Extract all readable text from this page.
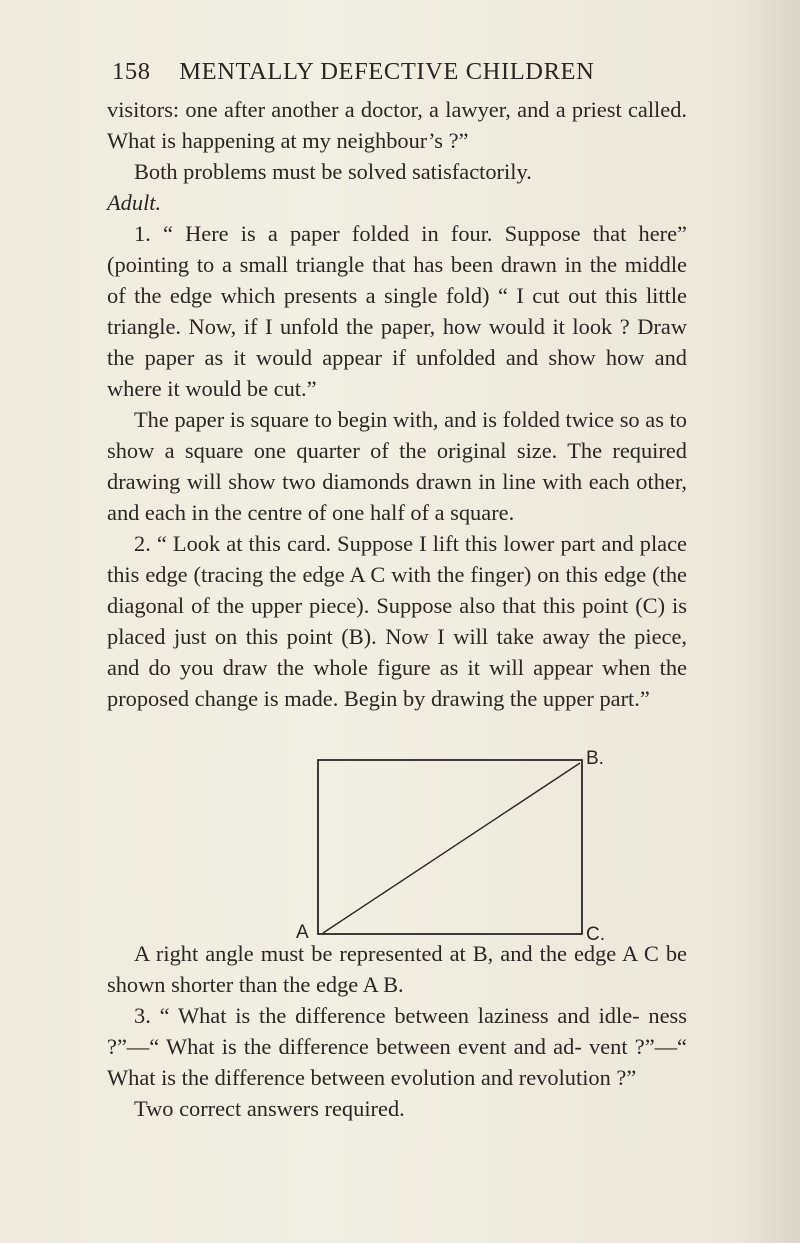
158 MENTALLY DEFECTIVE CHILDREN

visitors: one after another a doctor, a lawyer, and a priest called. What is happening at my neighbour’s ?”

Both problems must be solved satisfactorily.

Adult.

1. “ Here is a paper folded in four. Suppose that here” (pointing to a small triangle that has been drawn in the middle of the edge which presents a single fold) “ I cut out this little triangle. Now, if I unfold the paper, how would it look ? Draw the paper as it would appear if unfolded and show how and where it would be cut.”

The paper is square to begin with, and is folded twice so as to show a square one quarter of the original size. The required drawing will show two diamonds drawn in line with each other, and each in the centre of one half of a square.

2. “ Look at this card. Suppose I lift this lower part and place this edge (tracing the edge A C with the finger) on this edge (the diagonal of the upper piece). Suppose also that this point (C) is placed just on this point (B). Now I will take away the piece, and do you draw the whole figure as it will appear when the proposed change is made. Begin by drawing the upper part.”

B.
A	C.

A right angle must be represented at B, and the edge A C be shown shorter than the edge A B.

3. “ What is the difference between laziness and idle- ness ?”—“ What is the difference between event and ad- vent ?”—“ What is the difference between evolution and revolution ?”

Two correct answers required.
